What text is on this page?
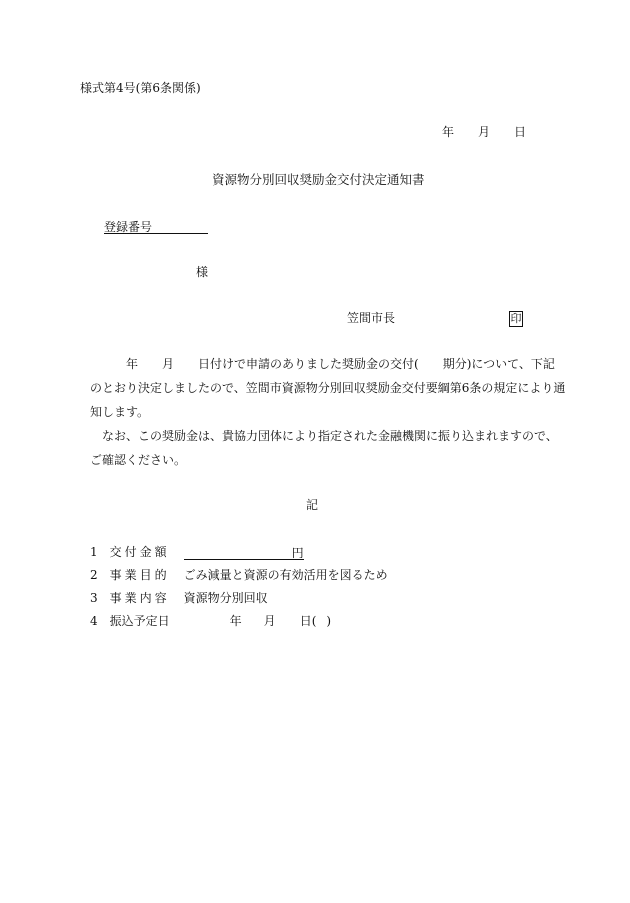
様式第4号(第6条関係)
年 月 日
資源物分別回収奨励金交付決定通知書
登録番号
様
笠間市長	印
年 月 日付けで申請のありました奨励金の交付( 期分)について、下記
のとおり決定しましたので、笠間市資源物分別回収奨励金交付要綱第6条の規定により通
知します。
なお、この奨励金は、貴協力団体により指定された金融機関に振り込まれますので、
ご確認ください。
記
1 交付金額	円
2 事業目的 ごみ減量と資源の有効活用を図るため
3 事業内容 資源物分別回収
4 振込予定日	年 月 日( )
